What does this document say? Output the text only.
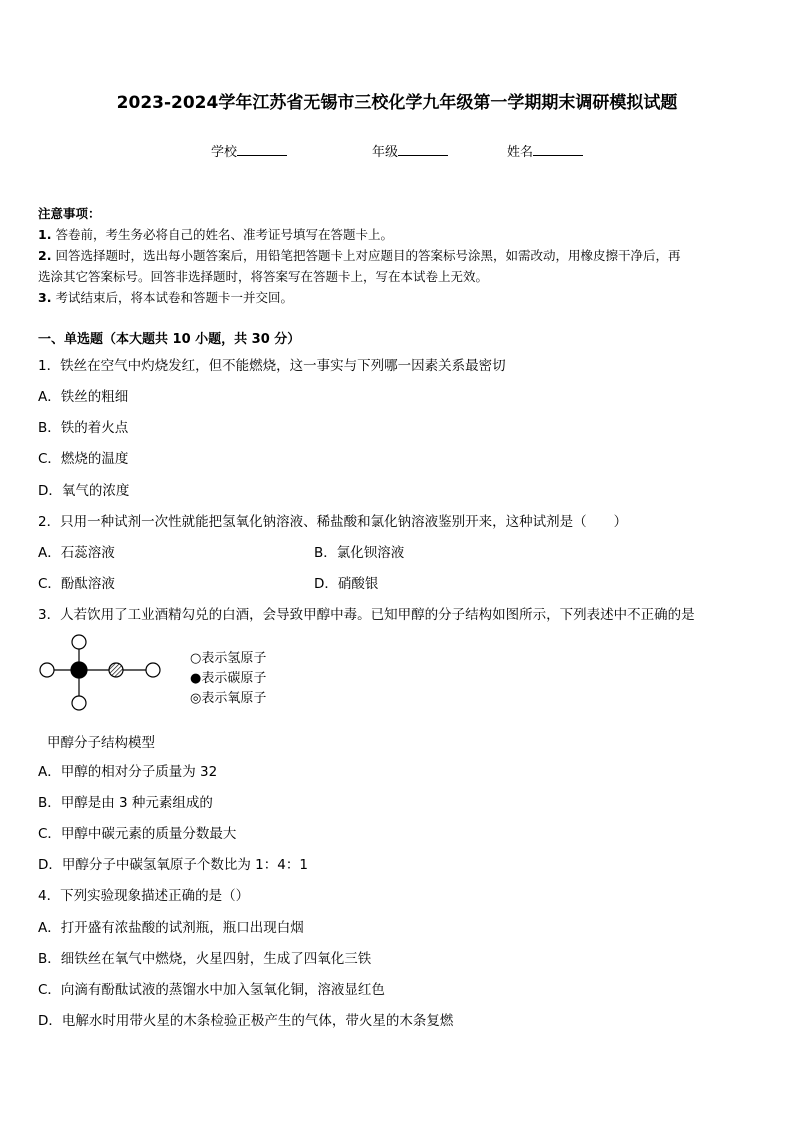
2023-2024学年江苏省无锡市三校化学九年级第一学期期末调研模拟试题
学校	年级	姓名
注意事项：
1. 答卷前，考生务必将自己的姓名、准考证号填写在答题卡上。
2. 回答选择题时，选出每小题答案后，用铅笔把答题卡上对应题目的答案标号涂黑，如需改动，用橡皮擦干净后，再
选涂其它答案标号。回答非选择题时，将答案写在答题卡上，写在本试卷上无效。
3. 考试结束后，将本试卷和答题卡一并交回。
一、单选题（本大题共 10 小题，共 30 分）
1．铁丝在空气中灼烧发红，但不能燃烧，这一事实与下列哪一因素关系最密切
A．铁丝的粗细
B．铁的着火点
C．燃烧的温度
D．氧气的浓度
2．只用一种试剂一次性就能把氢氧化钠溶液、稀盐酸和氯化钠溶液鉴别开来，这种试剂是（　　）
A．石蕊溶液	B．氯化钡溶液
C．酚酞溶液	D．硝酸银
3．人若饮用了工业酒精勾兑的白酒，会导致甲醇中毒。已知甲醇的分子结构如图所示，下列表述中不正确的是
○表示氢原子
●表示碳原子
◎表示氧原子
甲醇分子结构模型
A．甲醇的相对分子质量为 32
B．甲醇是由 3 种元素组成的
C．甲醇中碳元素的质量分数最大
D．甲醇分子中碳氢氧原子个数比为 1：4：1
4．下列实验现象描述正确的是（）
A．打开盛有浓盐酸的试剂瓶，瓶口出现白烟
B．细铁丝在氧气中燃烧，火星四射，生成了四氧化三铁
C．向滴有酚酞试液的蒸馏水中加入氢氧化铜，溶液显红色
D．电解水时用带火星的木条检验正极产生的气体，带火星的木条复燃
